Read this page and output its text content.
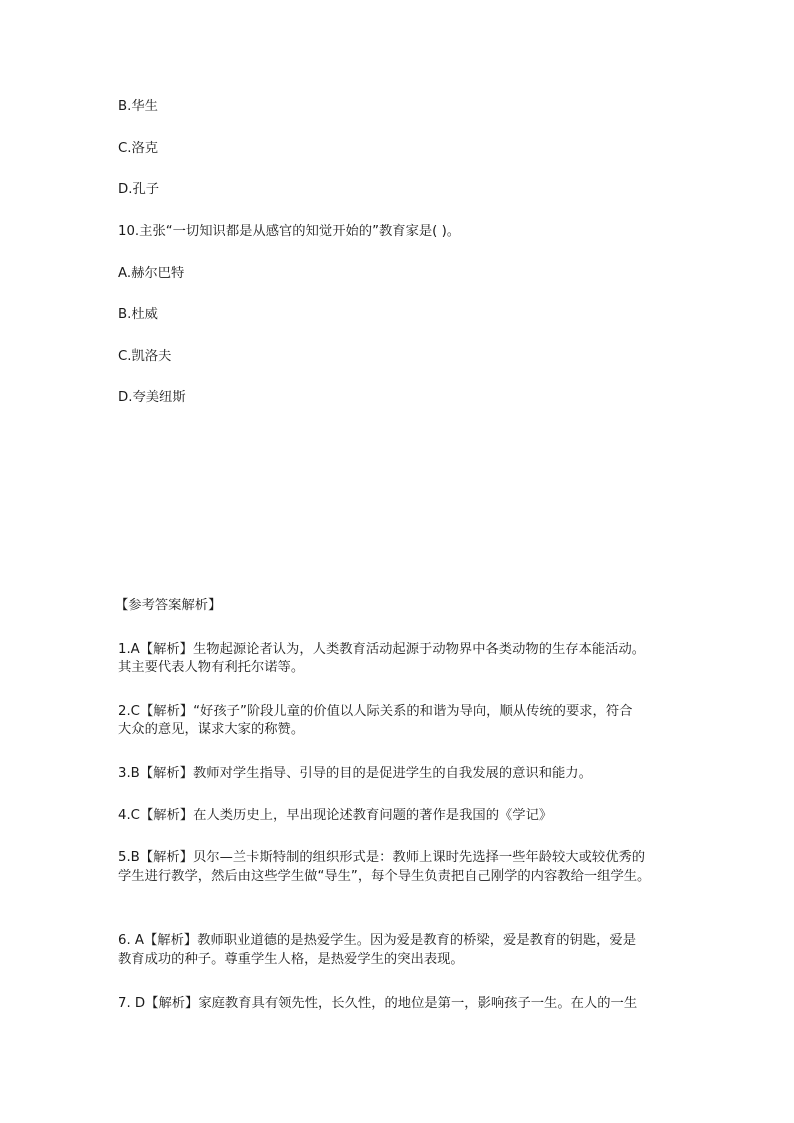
B.华生

C.洛克

D.孔子

10.主张“一切知识都是从感官的知觉开始的”教育家是( )。

A.赫尔巴特

B.杜威

C.凯洛夫

D.夸美纽斯

【参考答案解析】

1.A【解析】生物起源论者认为，人类教育活动起源于动物界中各类动物的生存本能活动。

其主要代表人物有利托尔诺等。

2.C【解析】“好孩子”阶段儿童的价值以人际关系的和谐为导向，顺从传统的要求，符合

大众的意见，谋求大家的称赞。

3.B【解析】教师对学生指导、引导的目的是促进学生的自我发展的意识和能力。

4.C【解析】在人类历史上，早出现论述教育问题的著作是我国的《学记》

5.B【解析】贝尔—兰卡斯特制的组织形式是：教师上课时先选择一些年龄较大或较优秀的

学生进行教学，然后由这些学生做“导生”，每个导生负责把自己刚学的内容教给一组学生。

6. A【解析】教师职业道德的是热爱学生。因为爱是教育的桥梁，爱是教育的钥匙，爱是

教育成功的种子。尊重学生人格，是热爱学生的突出表现。

7. D【解析】家庭教育具有领先性，长久性，的地位是第一，影响孩子一生。在人的一生
